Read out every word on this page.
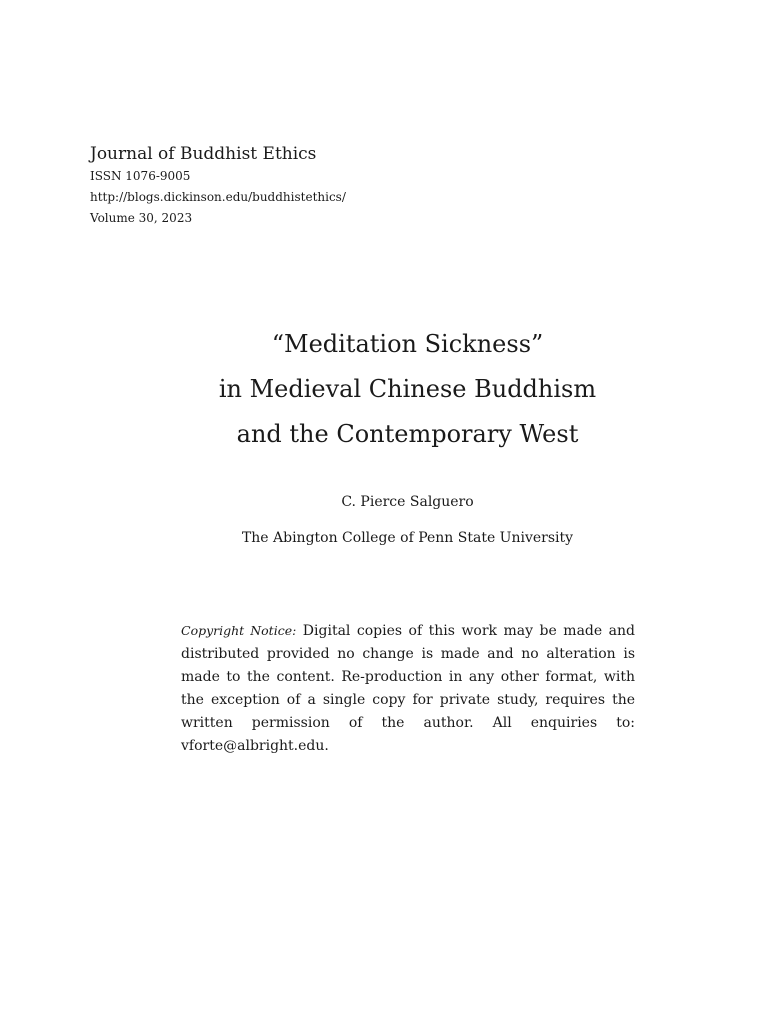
Journal of Buddhist Ethics

ISSN 1076-9005

http://blogs.dickinson.edu/buddhistethics/

Volume 30, 2023

“Meditation Sickness”

in Medieval Chinese Buddhism

and the Contemporary West

C. Pierce Salguero
The Abington College of Penn State University
Copyright Notice: Digital copies of this work may be made and distributed provided no change is made and no alteration is made to the content. Re-production in any other format, with the exception of a single copy for private study, requires the written permission of the author. All enquiries to: vforte@albright.edu.
